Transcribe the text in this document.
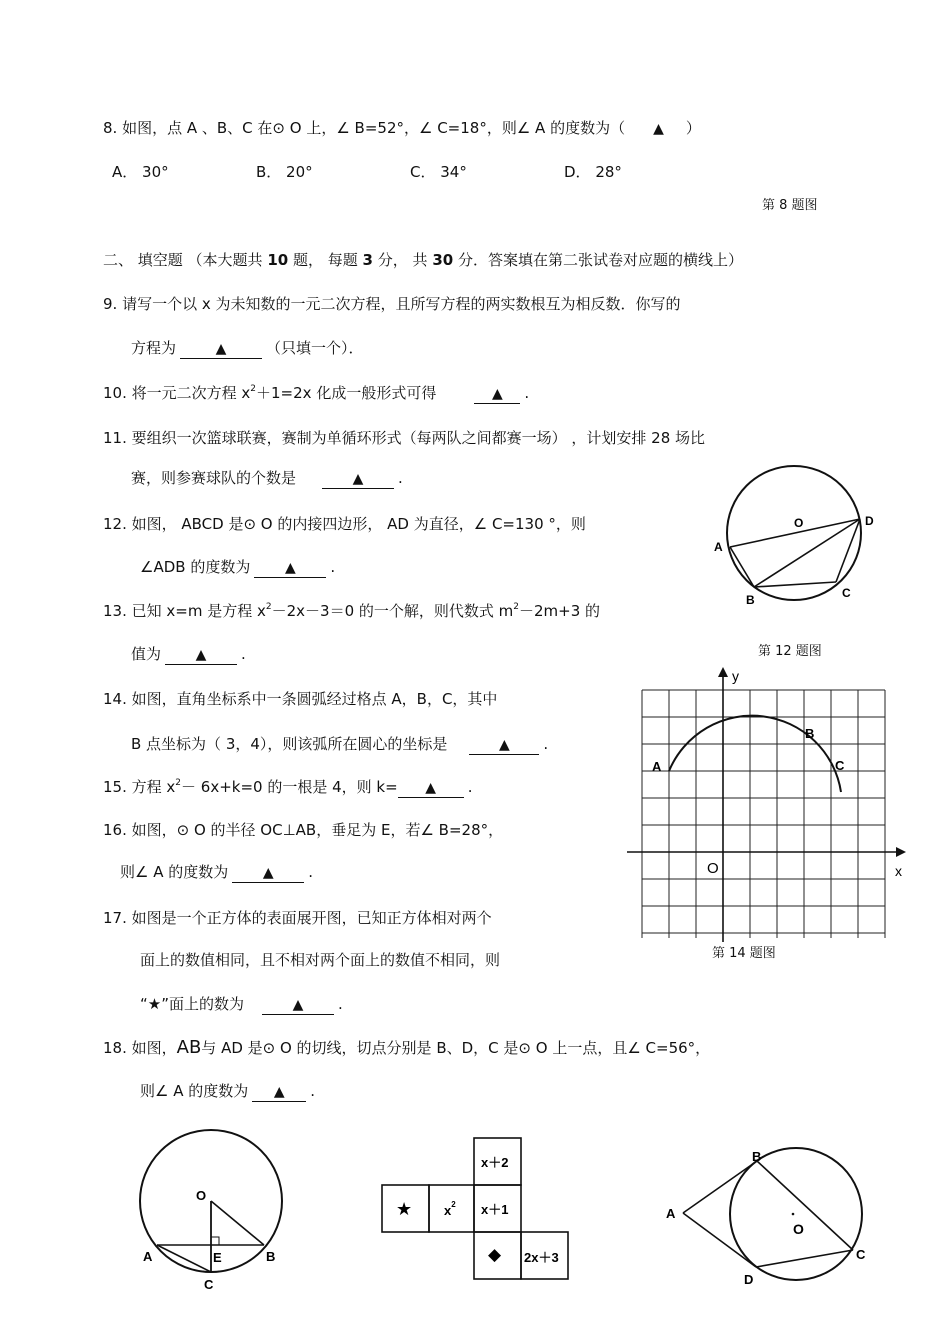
8. 如图，点 A 、B、C 在⊙ O 上，∠ B=52°，∠ C=18°，则∠ A 的度数为（ ▲ ）
A． 30°	B． 20°	C． 34°	D． 28°
第 8 题图
二、 填空题 （本大题共 10 题， 每题 3 分， 共 30 分．答案填在第二张试卷对应题的横线上）
9. 请写一个以 x 为未知数的一元二次方程，且所写方程的两实数根互为相反数．你写的
方程为	▲	（只填一个）．
10. 将一元二次方程 $x^2+1=2x$ 化成一般形式可得	▲ .
11. 要组织一次篮球联赛，赛制为单循环形式（每两队之间都赛一场） ，计划安排 28 场比
赛，则参赛球队的个数是	▲ .
12. 如图， ABCD 是⊙ O 的内接四边形， AD 为直径，∠ C=130 °，则
∠ADB 的度数为 ▲ .
O
A
B	C
D
第 12 题图
13. 已知 x=m 是方程 $x^2-2x-3=0$ 的一个解，则代数式 $m^2-2m+3$ 的
值为 ▲ .
14. 如图，直角坐标系中一条圆弧经过格点 A，B，C，其中
B 点坐标为（ 3，4），则该弧所在圆心的坐标是	▲ .
y
x
O
A
B
C
第 14 题图
15. 方程 $x^2- 6x+k=0$ 的一根是 4，则 k= ▲ .
16. 如图，⊙ O 的半径 OC⊥AB，垂足为 E，若∠ B=28°，
则∠ A 的度数为 ▲ .
17. 如图是一个正方体的表面展开图，已知正方体相对两个
面上的数值相同，且不相对两个面上的数值不相同，则
“★”面上的数为	▲ .
18. 如图，AB与 AD 是⊙ O 的切线，切点分别是 B、D，C 是⊙ O 上一点，且∠ C=56°，
则∠ A 的度数为 ▲ .
O
A	E	B
C
x＋2
★ $x^2$ x＋1
◆ 2x＋3
A
B
O
C
D
